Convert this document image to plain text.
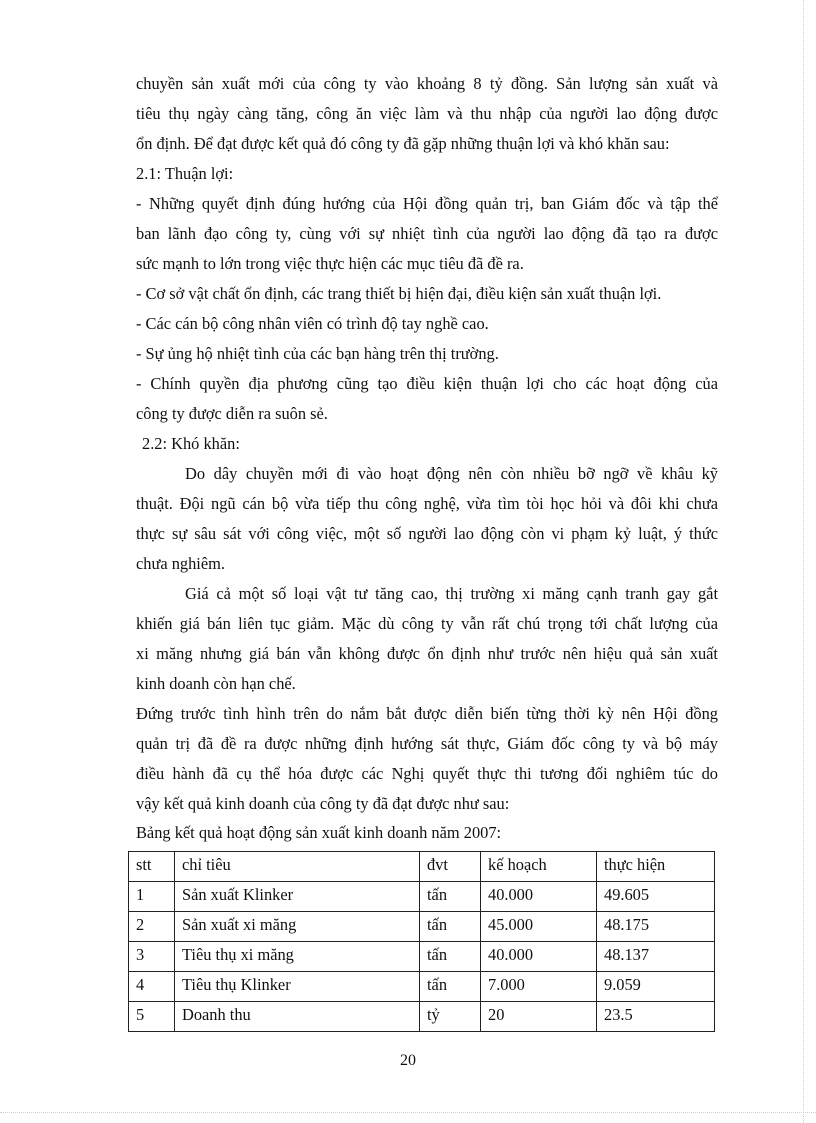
chuyền sản xuất mới của công ty vào khoảng 8 tỷ đồng. Sản lượng sản xuất và
tiêu thụ ngày càng tăng, công ăn việc làm và thu nhập của người lao động được
ổn định. Để đạt được kết quả đó công ty đã gặp những thuận lợi và khó khăn sau:
2.1: Thuận lợi:
- Những quyết định đúng hướng của Hội đồng quản trị, ban Giám đốc và tập thể
ban lãnh đạo công ty, cùng với sự nhiệt tình của người lao động đã tạo ra được
sức mạnh to lớn trong việc thực hiện các mục tiêu đã đề ra.
- Cơ sở vật chất ổn định, các trang thiết bị hiện đại, điều kiện sản xuất thuận lợi.
- Các cán bộ công nhân viên có trình độ tay nghề cao.
- Sự ủng hộ nhiệt tình của các bạn hàng trên thị trường.
- Chính quyền địa phương cũng tạo điều kiện thuận lợi cho các hoạt động của
công ty được diễn ra suôn sẻ.
2.2: Khó khăn:
Do dây chuyền mới đi vào hoạt động nên còn nhiều bỡ ngỡ về khâu kỹ
thuật. Đội ngũ cán bộ vừa tiếp thu công nghệ, vừa tìm tòi học hỏi và đôi khi chưa
thực sự sâu sát với công việc, một số người lao động còn vi phạm kỷ luật, ý thức
chưa nghiêm.
Giá cả một số loại vật tư tăng cao, thị trường xi măng cạnh tranh gay gắt
khiến giá bán liên tục giảm. Mặc dù công ty vẫn rất chú trọng tới chất lượng của
xi măng nhưng giá bán vẫn không được ổn định như trước nên hiệu quả sản xuất
kinh doanh còn hạn chế.
Đứng trước tình hình trên do nắm bắt được diễn biến từng thời kỳ nên Hội đồng
quản trị đã đề ra được những định hướng sát thực, Giám đốc công ty và bộ máy
điều hành đã cụ thể hóa được các Nghị quyết thực thi tương đối nghiêm túc do
vậy kết quả kinh doanh của công ty đã đạt được như sau:
Bảng kết quả hoạt động sản xuất kinh doanh năm 2007:
stt	chỉ tiêu	đvt	kế hoạch	thực hiện
1	Sản xuất Klinker	tấn	40.000	49.605
2	Sản xuất xi măng	tấn	45.000	48.175
3	Tiêu thụ xi măng	tấn	40.000	48.137
4	Tiêu thụ Klinker	tấn	7.000	9.059
5	Doanh thu	tỷ	20	23.5
20
